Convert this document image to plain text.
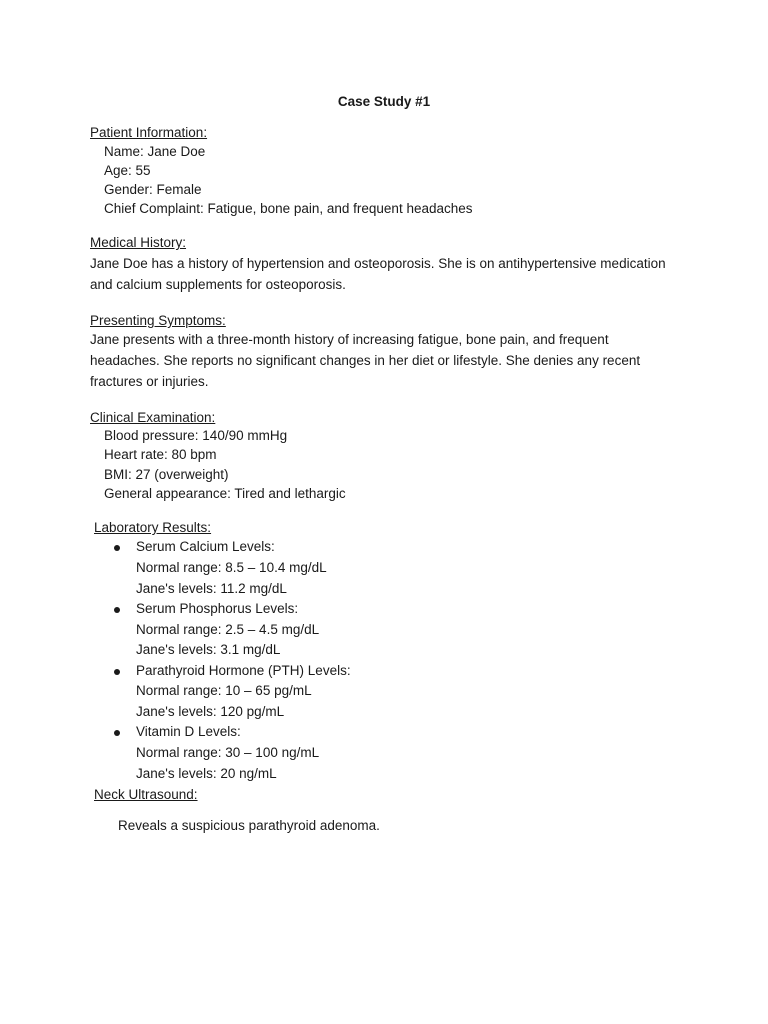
Case Study #1
Patient Information:
Name: Jane Doe
Age: 55
Gender: Female
Chief Complaint: Fatigue, bone pain, and frequent headaches
Medical History:
Jane Doe has a history of hypertension and osteoporosis. She is on antihypertensive medication
and calcium supplements for osteoporosis.
Presenting Symptoms:
Jane presents with a three-month history of increasing fatigue, bone pain, and frequent
headaches. She reports no significant changes in her diet or lifestyle. She denies any recent
fractures or injuries.
Clinical Examination:
Blood pressure: 140/90 mmHg
Heart rate: 80 bpm
BMI: 27 (overweight)
General appearance: Tired and lethargic
Laboratory Results:
Serum Calcium Levels:
Normal range: 8.5 – 10.4 mg/dL
Jane's levels: 11.2 mg/dL
Serum Phosphorus Levels:
Normal range: 2.5 – 4.5 mg/dL
Jane's levels: 3.1 mg/dL
Parathyroid Hormone (PTH) Levels:
Normal range: 10 – 65 pg/mL
Jane's levels: 120 pg/mL
Vitamin D Levels:
Normal range: 30 – 100 ng/mL
Jane's levels: 20 ng/mL
Neck Ultrasound:
Reveals a suspicious parathyroid adenoma.
